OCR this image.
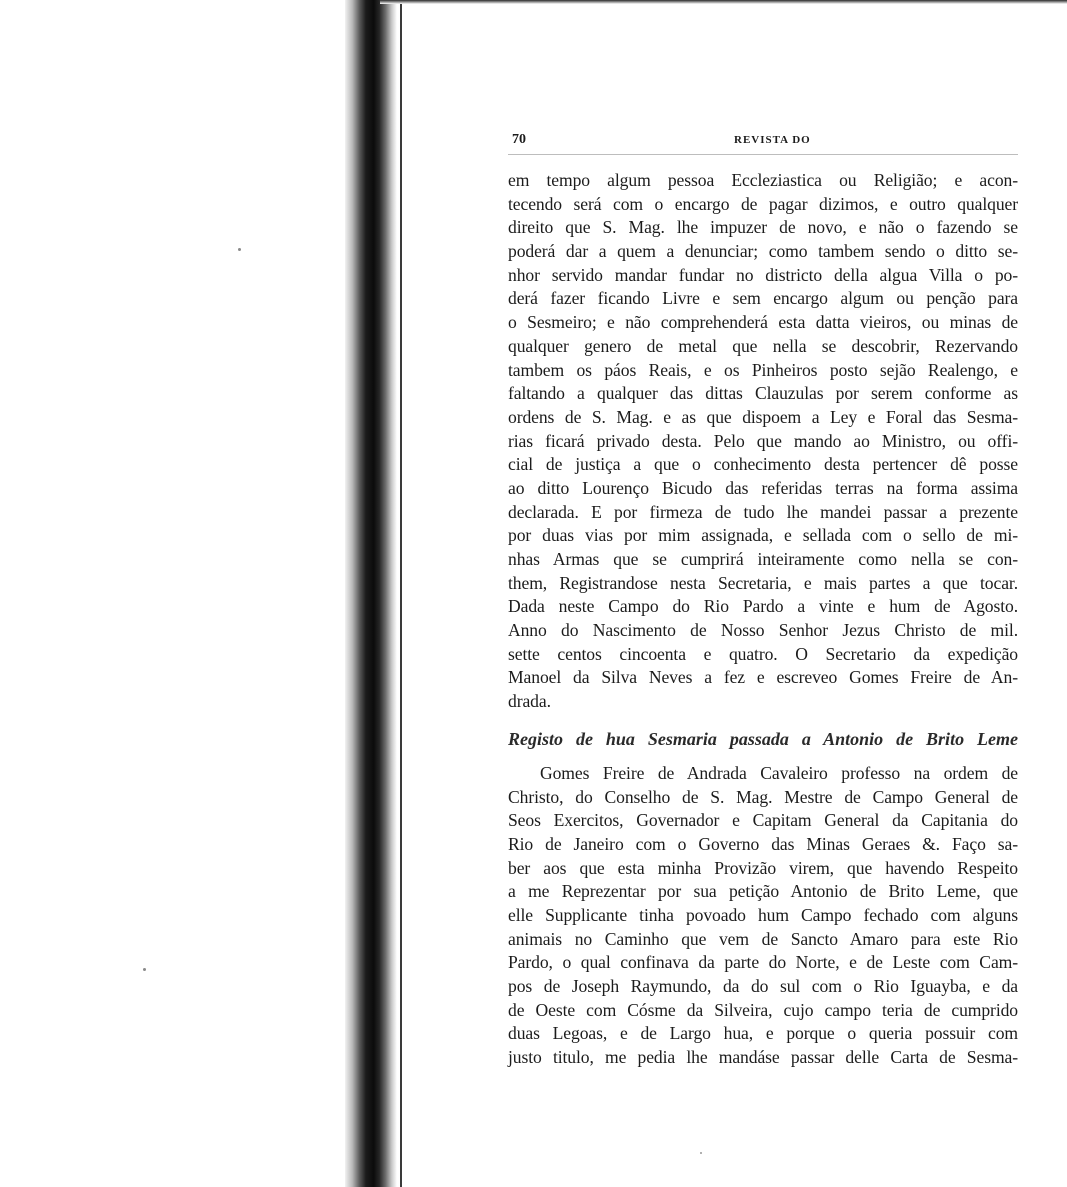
70	REVISTA DO

em tempo algum pessoa Eccleziastica ou Religião; e acon-
tecendo será com o encargo de pagar dizimos, e outro qualquer
direito que S. Mag. lhe impuzer de novo, e não o fazendo se
poderá dar a quem a denunciar; como tambem sendo o ditto se-
nhor servido mandar fundar no districto della algua Villa o po-
derá fazer ficando Livre e sem encargo algum ou penção para
o Sesmeiro; e não comprehenderá esta datta vieiros, ou minas de
qualquer genero de metal que nella se descobrir, Rezervando
tambem os páos Reais, e os Pinheiros posto sejão Realengo, e
faltando a qualquer das dittas Clauzulas por serem conforme as
ordens de S. Mag. e as que dispoem a Ley e Foral das Sesma-
rias ficará privado desta. Pelo que mando ao Ministro, ou offi-
cial de justiça a que o conhecimento desta pertencer dê posse
ao ditto Lourenço Bicudo das referidas terras na forma assima
declarada. E por firmeza de tudo lhe mandei passar a prezente
por duas vias por mim assignada, e sellada com o sello de mi-
nhas Armas que se cumprirá inteiramente como nella se con-
them, Registrandose nesta Secretaria, e mais partes a que tocar.
Dada neste Campo do Rio Pardo a vinte e hum de Agosto.
Anno do Nascimento de Nosso Senhor Jezus Christo de mil.
sette centos cincoenta e quatro. O Secretario da expedição
Manoel da Silva Neves a fez e escreveo Gomes Freire de An-
drada.

Registo de hua Sesmaria passada a Antonio de Brito Leme

Gomes Freire de Andrada Cavaleiro professo na ordem de
Christo, do Conselho de S. Mag. Mestre de Campo General de
Seos Exercitos, Governador e Capitam General da Capitania do
Rio de Janeiro com o Governo das Minas Geraes &. Faço sa-
ber aos que esta minha Provizão virem, que havendo Respeito
a me Reprezentar por sua petição Antonio de Brito Leme, que
elle Supplicante tinha povoado hum Campo fechado com alguns
animais no Caminho que vem de Sancto Amaro para este Rio
Pardo, o qual confinava da parte do Norte, e de Leste com Cam-
pos de Joseph Raymundo, da do sul com o Rio Iguayba, e da
de Oeste com Cósme da Silveira, cujo campo teria de cumprido
duas Legoas, e de Largo hua, e porque o queria possuir com
justo titulo, me pedia lhe mandáse passar delle Carta de Sesma-
